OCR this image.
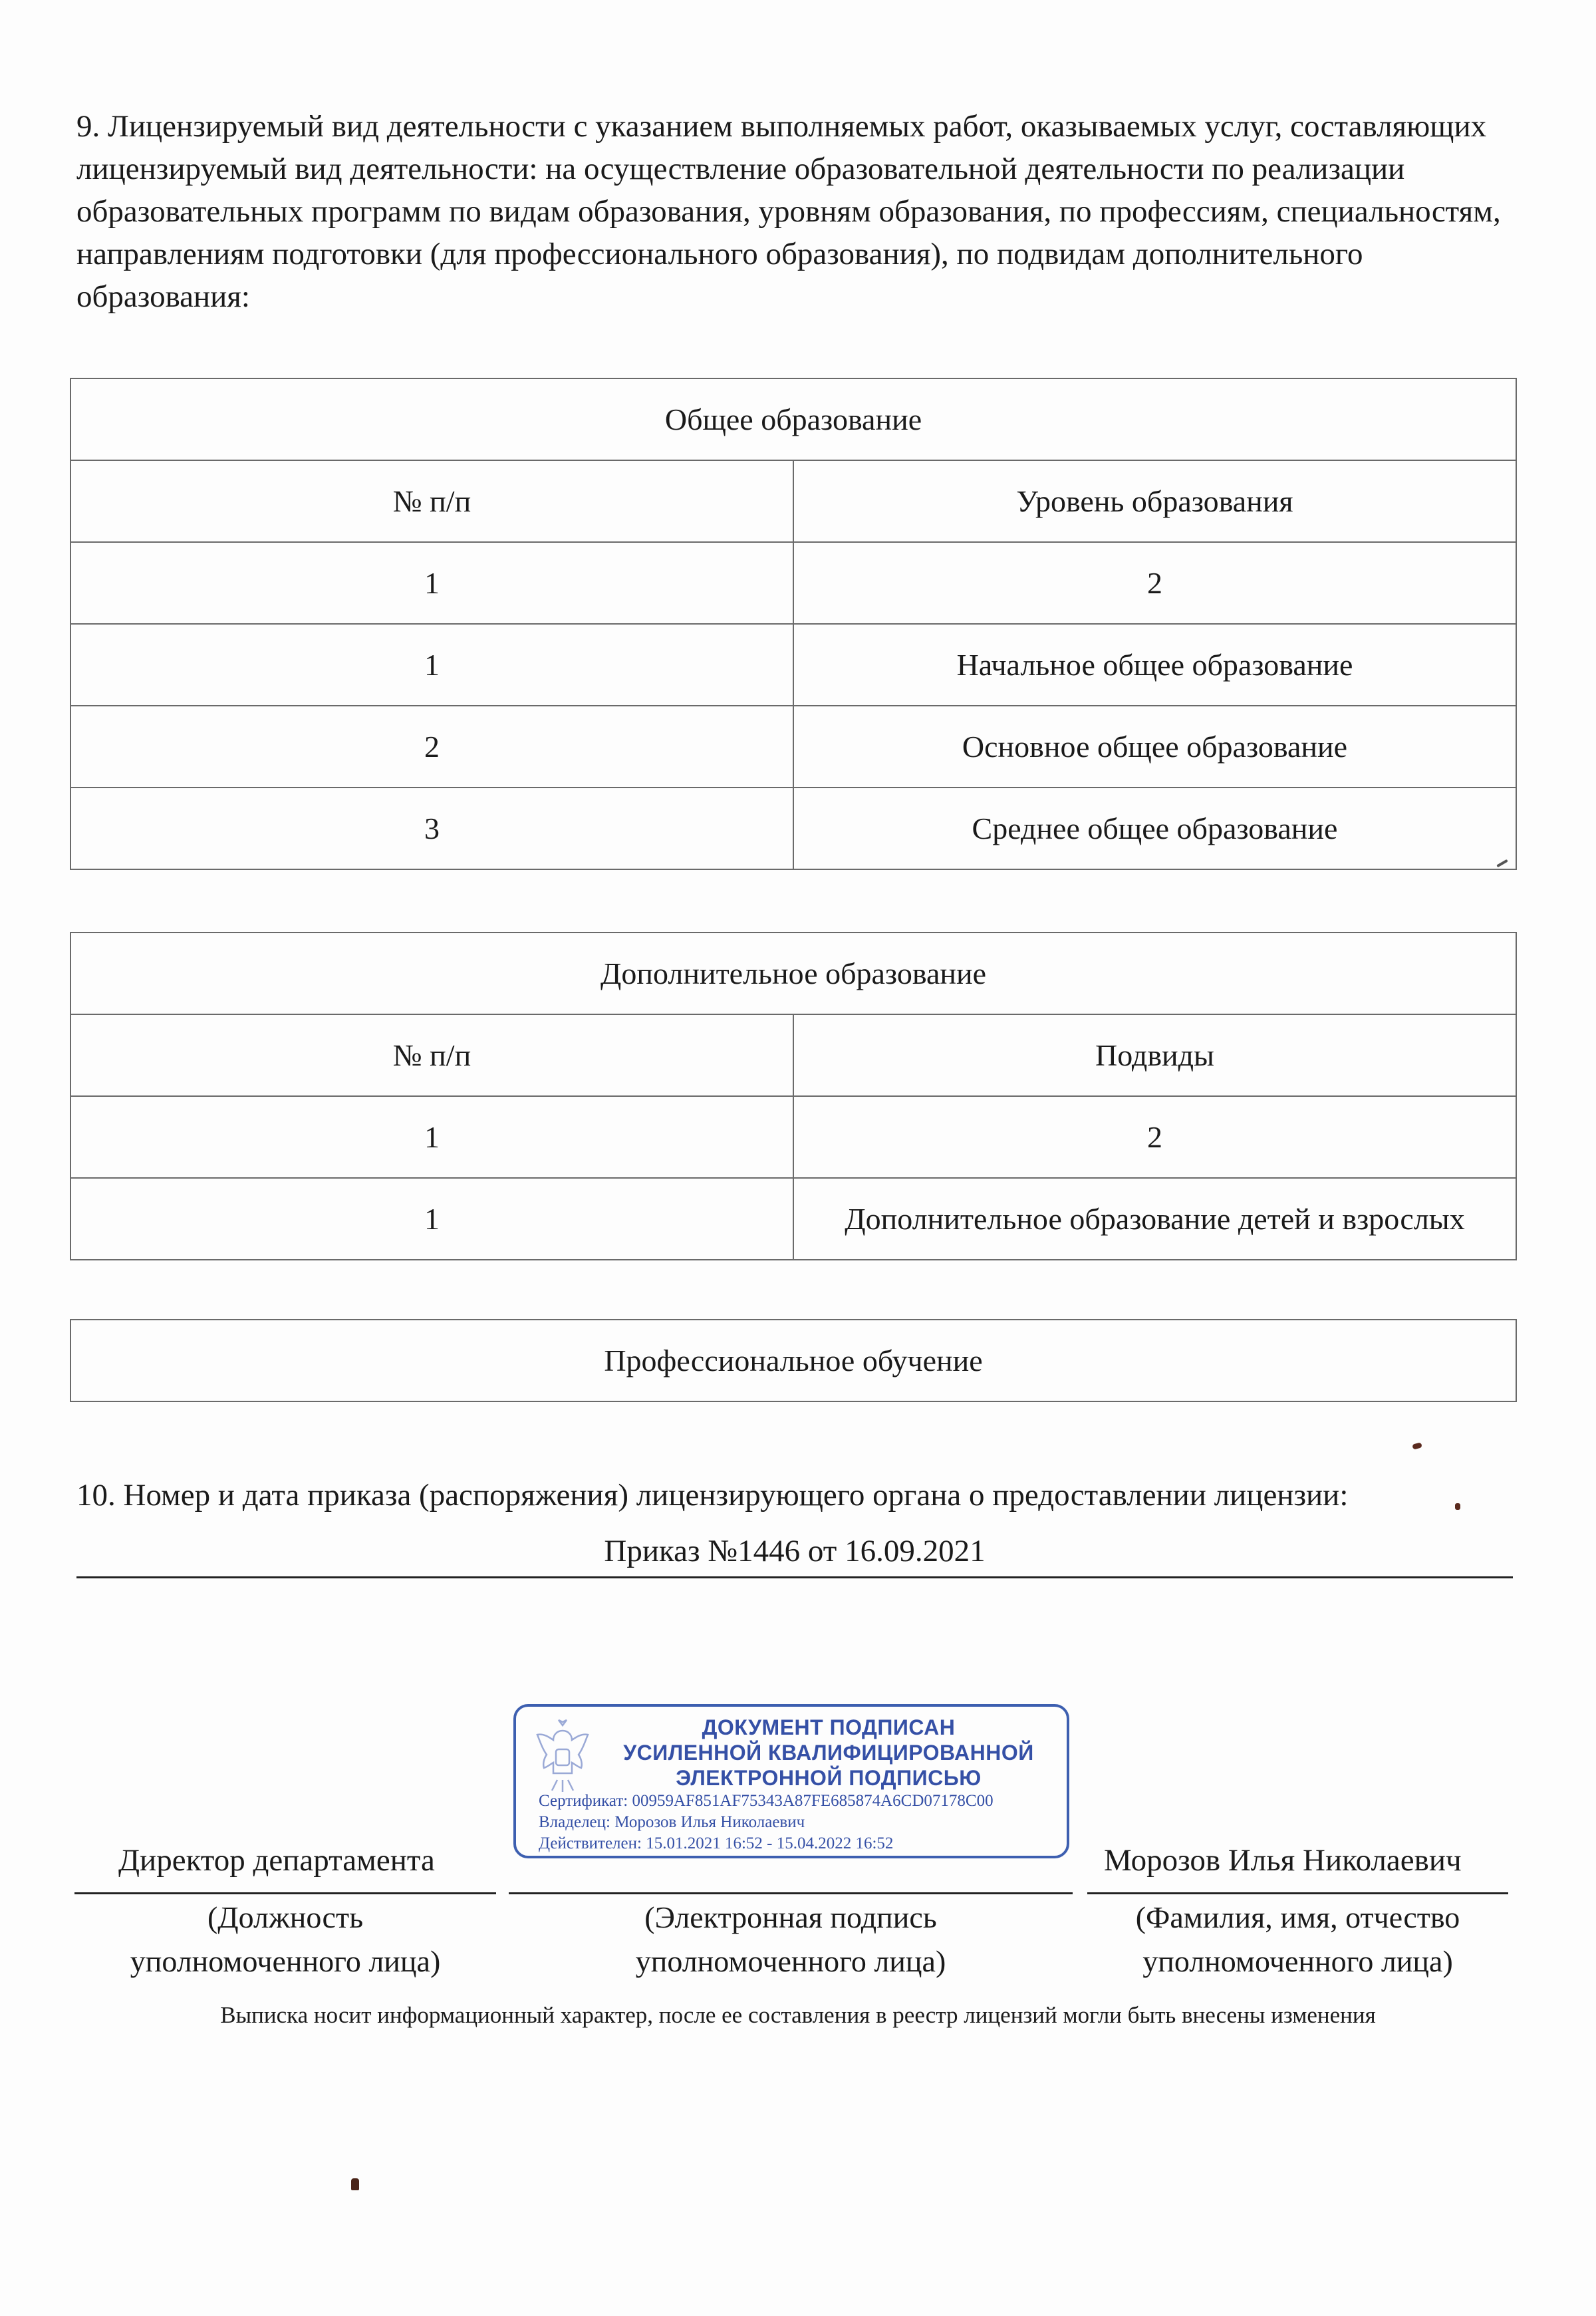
9. Лицензируемый вид деятельности с указанием выполняемых работ, оказываемых услуг, составляющих лицензируемый вид деятельности: на осуществление образовательной деятельности по реализации образовательных программ по видам образования, уровням образования, по профессиям, специальностям, направлениям подготовки (для профессионального образования), по подвидам дополнительного образования:

Общее образование	
№ п/п	Уровень образования
1	2
1	Начальное общее образование
2	Основное общее образование
3	Среднее общее образование
Дополнительное образование	
№ п/п	Подвиды
1	2
1	Дополнительное образование детей и взрослых
Профессиональное обучение
10. Номер и дата приказа (распоряжения) лицензирующего органа о предоставлении лицензии:
Приказ №1446 от 16.09.2021
ДОКУМЕНТ ПОДПИСАН
УСИЛЕННОЙ КВАЛИФИЦИРОВАННОЙ
ЭЛЕКТРОННОЙ ПОДПИСЬЮ
Сертификат: 00959AF851AF75343A87FE685874A6CD07178C00
Владелец: Морозов Илья Николаевич
Действителен: 15.01.2021 16:52 - 15.04.2022 16:52
Директор департамента	Морозов Илья Николаевич
(Должность
уполномоченного лица)
(Электронная подпись
уполномоченного лица)
(Фамилия, имя, отчество
уполномоченного лица)
Выписка носит информационный характер, после ее составления в реестр лицензий могли быть внесены изменения
